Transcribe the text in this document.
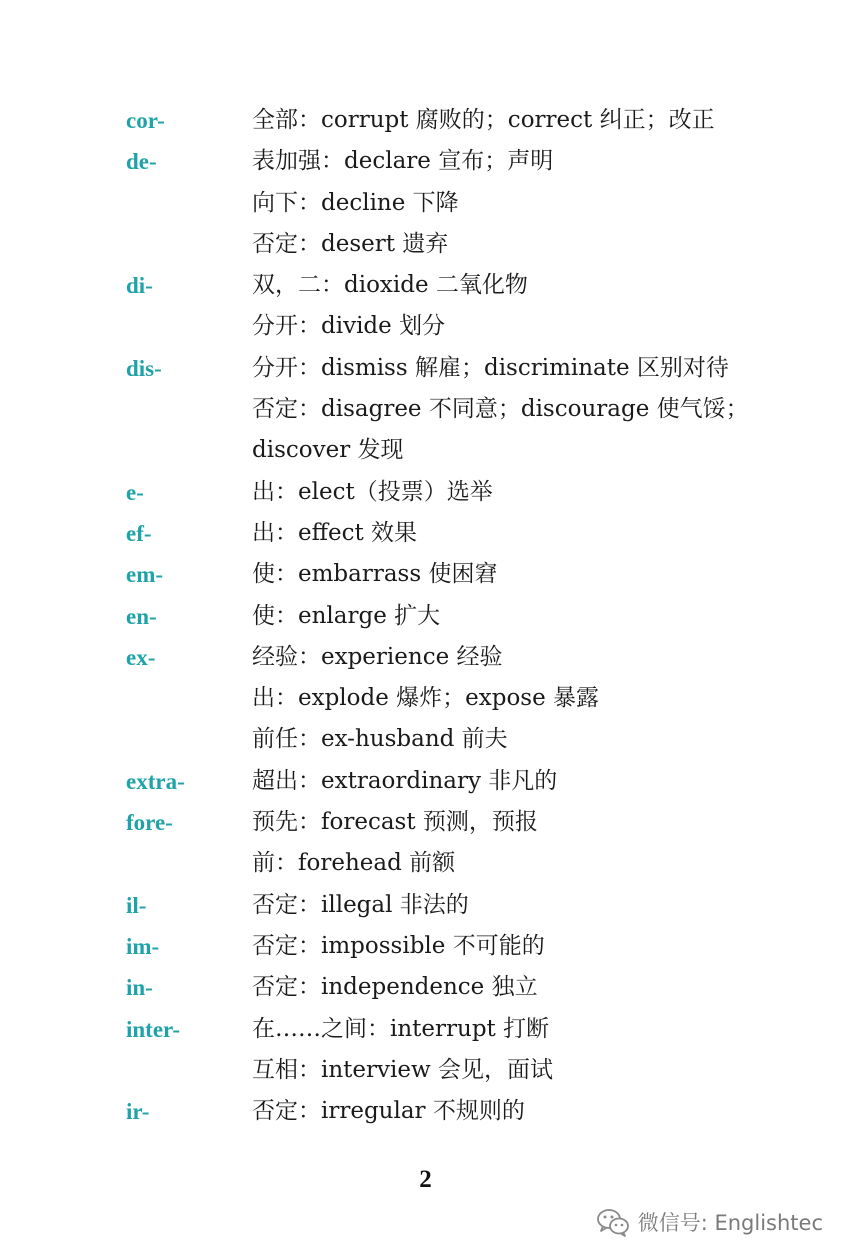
cor-	全部：corrupt 腐败的；correct 纠正；改正
de-	表加强：declare 宣布；声明
向下：decline 下降
否定：desert 遗弃
di-	双，二：dioxide 二氧化物
分开：divide 划分
dis-	分开：dismiss 解雇；discriminate 区别对待
否定：disagree 不同意；discourage 使气馁；
discover 发现
e-	出：elect（投票）选举
ef-	出：effect 效果
em-	使：embarrass 使困窘
en-	使：enlarge 扩大
ex-	经验：experience 经验
出：explode 爆炸；expose 暴露
前任：ex-husband 前夫
extra-	超出：extraordinary 非凡的
fore-	预先：forecast 预测，预报
前：forehead 前额
il-	否定：illegal 非法的
im-	否定：impossible 不可能的
in-	否定：independence 独立
inter-	在……之间：interrupt 打断
互相：interview 会见，面试
ir-	否定：irregular 不规则的
2
微信号: Englishtec
